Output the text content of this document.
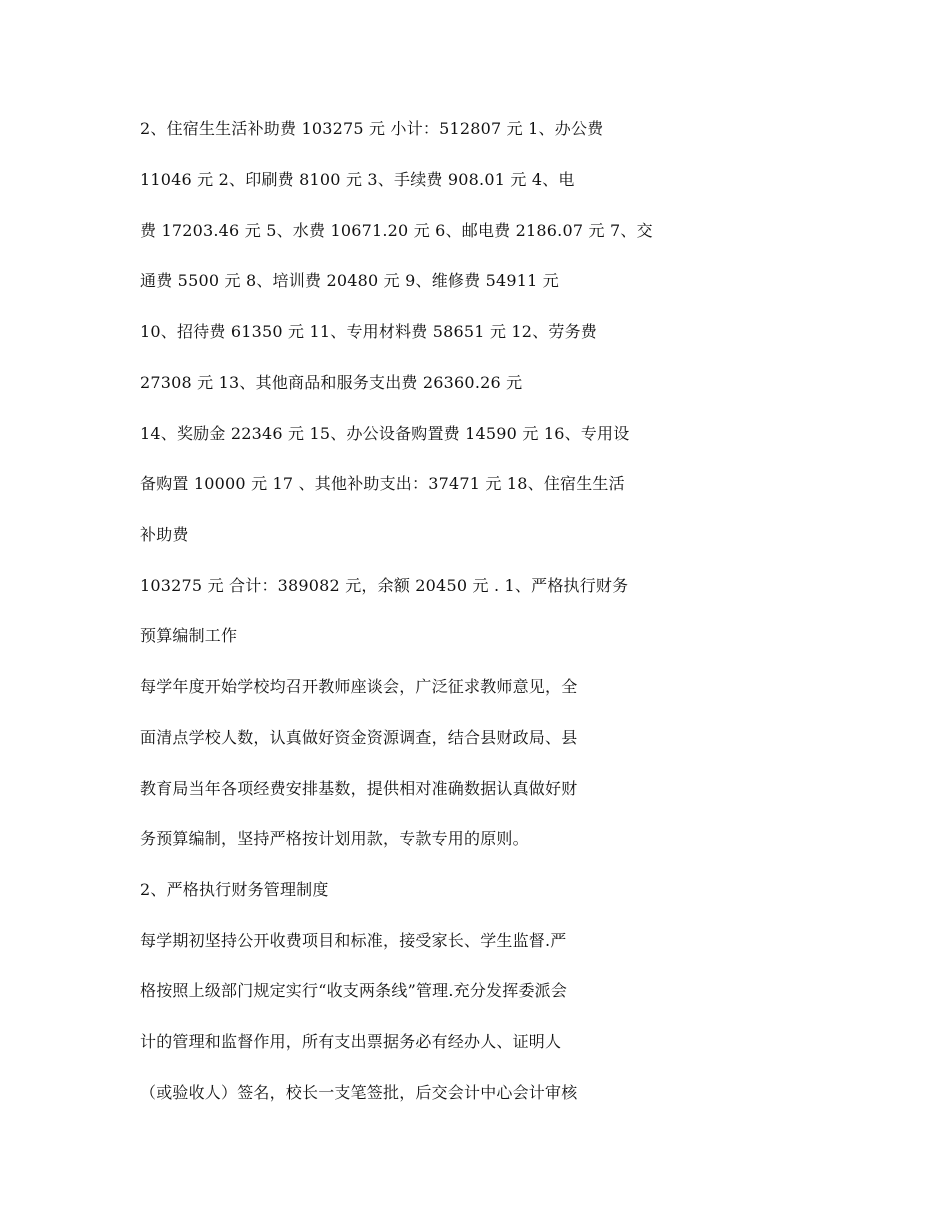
2、住宿生生活补助费 103275 元 小计：512807 元 1、办公费
11046 元 2、印刷费 8100 元 3、手续费 908.01 元 4、电
费 17203.46 元 5、水费 10671.20 元 6、邮电费 2186.07 元 7、交
通费 5500 元 8、培训费 20480 元 9、维修费 54911 元
10、招待费 61350 元 11、专用材料费 58651 元 12、劳务费
27308 元 13、其他商品和服务支出费 26360.26 元
14、奖励金 22346 元 15、办公设备购置费 14590 元 16、专用设
备购置 10000 元 17 、其他补助支出：37471 元 18、住宿生生活
补助费
103275 元 合计：389082 元，余额 20450 元 . 1、严格执行财务
预算编制工作
每学年度开始学校均召开教师座谈会，广泛征求教师意见，全
面清点学校人数，认真做好资金资源调查，结合县财政局、县
教育局当年各项经费安排基数，提供相对准确数据认真做好财
务预算编制，坚持严格按计划用款，专款专用的原则。
2、严格执行财务管理制度
每学期初坚持公开收费项目和标准，接受家长、学生监督.严
格按照上级部门规定实行“收支两条线”管理.充分发挥委派会
计的管理和监督作用，所有支出票据务必有经办人、证明人
（或验收人）签名，校长一支笔签批，后交会计中心会计审核
